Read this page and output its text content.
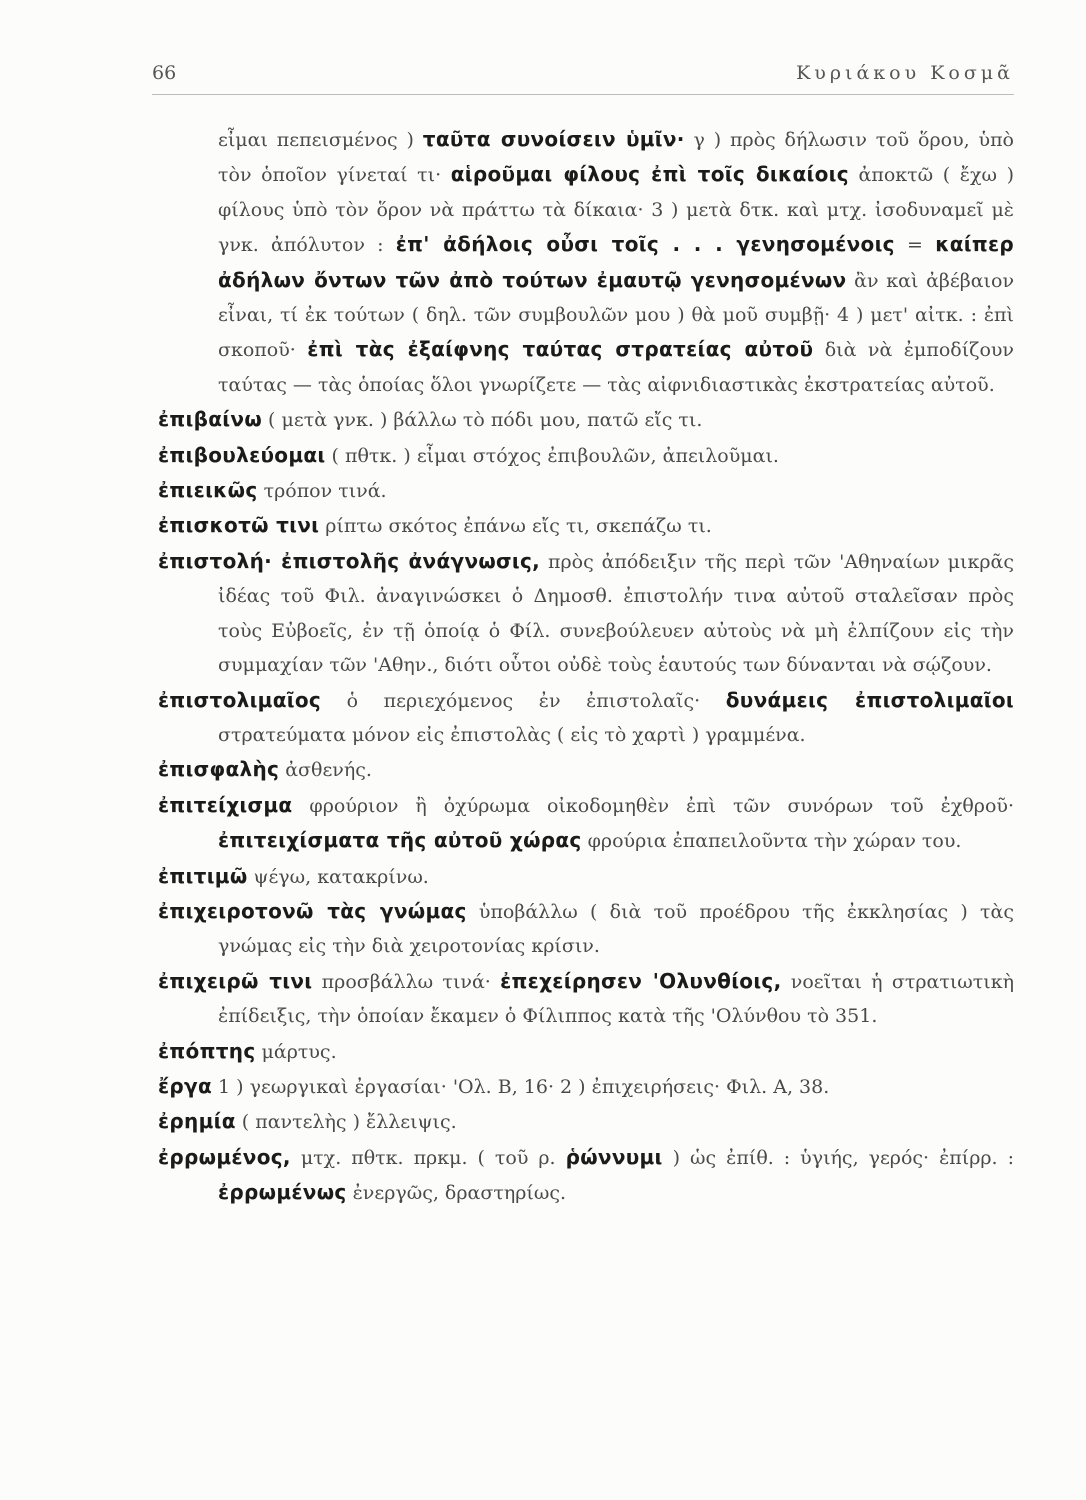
66	Κυριάκου Κοσμᾶ

εἶμαι πεπεισμένος ) ταῦτα συνοίσειν ὑμῖν· γ ) πρὸς δήλωσιν τοῦ ὅρου, ὑπὸ τὸν ὁποῖον γίνεταί τι· αἱροῦμαι φίλους ἐπὶ τοῖς δικαίοις ἀποκτῶ ( ἔχω ) φίλους ὑπὸ τὸν ὅρον νὰ πράττω τὰ δίκαια· 3 ) μετὰ δτκ. καὶ μτχ. ἰσοδυναμεῖ μὲ γνκ. ἀπόλυτον : ἐπ' ἀδήλοις οὖσι τοῖς . . . γενησομένοις = καίπερ ἀδήλων ὄντων τῶν ἀπὸ τούτων ἐμαυτῷ γενησομένων ἂν καὶ ἀβέβαιον εἶναι, τί ἐκ τούτων ( δηλ. τῶν συμβουλῶν μου ) θὰ μοῦ συμβῇ· 4 ) μετ' αἰτκ. : ἐπὶ σκοποῦ· ἐπὶ τὰς ἐξαίφνης ταύτας στρατείας αὐτοῦ διὰ νὰ ἐμποδίζουν ταύτας — τὰς ὁποίας ὅλοι γνωρίζετε — τὰς αἰφνιδιαστικὰς ἐκστρατείας αὐτοῦ.

ἐπιβαίνω ( μετὰ γνκ. ) βάλλω τὸ πόδι μου, πατῶ εἴς τι.

ἐπιβουλεύομαι ( πθτκ. ) εἶμαι στόχος ἐπιβουλῶν, ἀπειλοῦμαι.

ἐπιεικῶς τρόπον τινά.

ἐπισκοτῶ τινι ρίπτω σκότος ἐπάνω εἴς τι, σκεπάζω τι.

ἐπιστολή· ἐπιστολῆς ἀνάγνωσις, πρὸς ἀπόδειξιν τῆς περὶ τῶν 'Αθηναίων μικρᾶς ἰδέας τοῦ Φιλ. ἀναγινώσκει ὁ Δημοσθ. ἐπιστολήν τινα αὐτοῦ σταλεῖσαν πρὸς τοὺς Εὐβοεῖς, ἐν τῇ ὁποίᾳ ὁ Φίλ. συνεβούλευεν αὐτοὺς νὰ μὴ ἐλπίζουν εἰς τὴν συμμαχίαν τῶν 'Αθην., διότι οὗτοι οὐδὲ τοὺς ἑαυτούς των δύνανται νὰ σῴζουν.

ἐπιστολιμαῖος ὁ περιεχόμενος ἐν ἐπιστολαῖς· δυνάμεις ἐπιστολιμαῖοι στρατεύματα μόνον εἰς ἐπιστολὰς ( εἰς τὸ χαρτὶ ) γραμμένα.

ἐπισφαλὴς ἀσθενής.

ἐπιτείχισμα φρούριον ἢ ὀχύρωμα οἰκοδομηθὲν ἐπὶ τῶν συνόρων τοῦ ἐχθροῦ· ἐπιτειχίσματα τῆς αὐτοῦ χώρας φρούρια ἐπαπειλοῦντα τὴν χώραν του.

ἐπιτιμῶ ψέγω, κατακρίνω.

ἐπιχειροτονῶ τὰς γνώμας ὑποβάλλω ( διὰ τοῦ προέδρου τῆς ἐκκλησίας ) τὰς γνώμας εἰς τὴν διὰ χειροτονίας κρίσιν.

ἐπιχειρῶ τινι προσβάλλω τινά· ἐπεχείρησεν 'Ολυνθίοις, νοεῖται ἡ στρατιωτικὴ ἐπίδειξις, τὴν ὁποίαν ἔκαμεν ὁ Φίλιππος κατὰ τῆς 'Ολύνθου τὸ 351.

ἐπόπτης μάρτυς.

ἔργα 1 ) γεωργικαὶ ἐργασίαι· 'Ολ. Β, 16· 2 ) ἐπιχειρήσεις· Φιλ. Α, 38.

ἐρημία ( παντελὴς ) ἔλλειψις.

ἐρρωμένος, μτχ. πθτκ. πρκμ. ( τοῦ ρ. ῥώννυμι ) ὡς ἐπίθ. : ὑγιής, γερός· ἐπίρρ. : ἐρρωμένως ἐνεργῶς, δραστηρίως.
